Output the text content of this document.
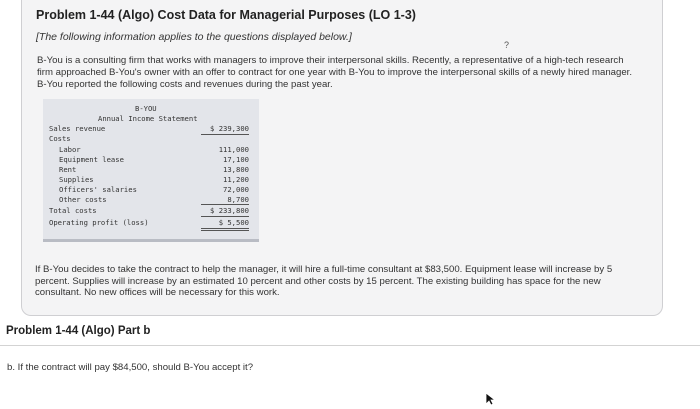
Problem 1-44 (Algo) Cost Data for Managerial Purposes (LO 1-3)
[The following information applies to the questions displayed below.]
?
B-You is a consulting firm that works with managers to improve their interpersonal skills. Recently, a representative of a high-tech research firm approached B-You's owner with an offer to contract for one year with B-You to improve the interpersonal skills of a newly hired manager. B-You reported the following costs and revenues during the past year.
B-YOU
Annual Income Statement
Sales revenue	$ 239,300
Costs
Labor	111,000
Equipment lease	17,100
Rent	13,800
Supplies	11,200
Officers' salaries	72,000
Other costs	8,700
Total costs	$ 233,800
Operating profit (loss)	$ 5,500
If B-You decides to take the contract to help the manager, it will hire a full-time consultant at $83,500. Equipment lease will increase by 5 percent. Supplies will increase by an estimated 10 percent and other costs by 15 percent. The existing building has space for the new consultant. No new offices will be necessary for this work.
Problem 1-44 (Algo) Part b
b. If the contract will pay $84,500, should B-You accept it?
